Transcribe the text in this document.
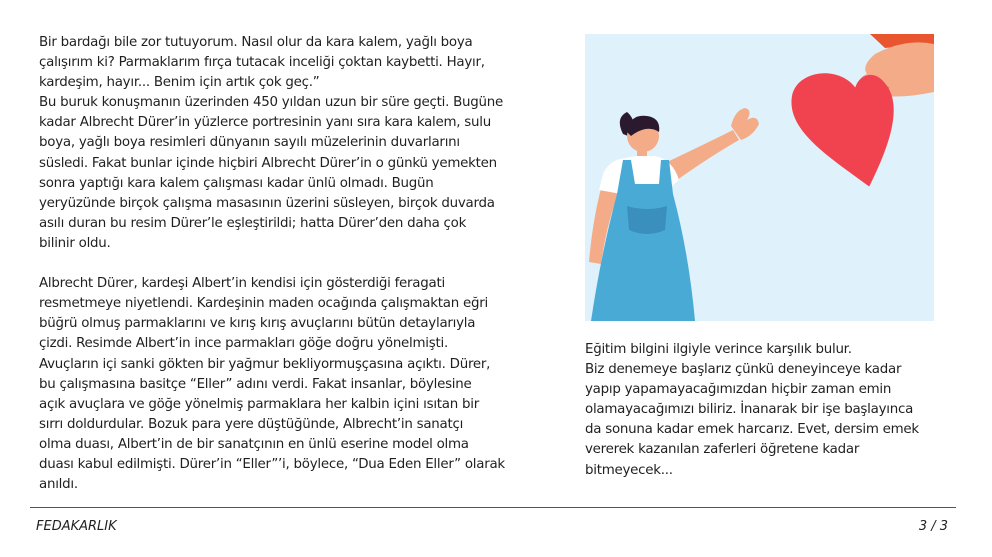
Bir bardağı bile zor tutuyorum. Nasıl olur da kara kalem, yağlı boya
çalışırım ki? Parmaklarım fırça tutacak inceliği çoktan kaybetti. Hayır,
kardeşim, hayır... Benim için artık çok geç.”
Bu buruk konuşmanın üzerinden 450 yıldan uzun bir süre geçti. Bugüne
kadar Albrecht Dürer’in yüzlerce portresinin yanı sıra kara kalem, sulu
boya, yağlı boya resimleri dünyanın sayılı müzelerinin duvarlarını
süsledi. Fakat bunlar içinde hiçbiri Albrecht Dürer’in o günkü yemekten
sonra yaptığı kara kalem çalışması kadar ünlü olmadı. Bugün
yeryüzünde birçok çalışma masasının üzerini süsleyen, birçok duvarda
asılı duran bu resim Dürer’le eşleştirildi; hatta Dürer’den daha çok
bilinir oldu.

Albrecht Dürer, kardeşi Albert’in kendisi için gösterdiği feragati
resmetmeye niyetlendi. Kardeşinin maden ocağında çalışmaktan eğri
büğrü olmuş parmaklarını ve kırış kırış avuçlarını bütün detaylarıyla
çizdi. Resimde Albert’in ince parmakları göğe doğru yönelmişti.
Avuçların içi sanki gökten bir yağmur bekliyormuşçasına açıktı. Dürer,
bu çalışmasına basitçe “Eller” adını verdi. Fakat insanlar, böylesine
açık avuçlara ve göğe yönelmiş parmaklara her kalbin içini ısıtan bir
sırrı doldurdular. Bozuk para yere düştüğünde, Albrecht’in sanatçı
olma duası, Albert’in de bir sanatçının en ünlü eserine model olma
duası kabul edilmişti. Dürer’in “Eller”’i, böylece, “Dua Eden Eller” olarak
anıldı.

Eğitim bilgini ilgiyle verince karşılık bulur.
Biz denemeye başlarız çünkü deneyinceye kadar
yapıp yapamayacağımızdan hiçbir zaman emin
olamayacağımızı biliriz. İnanarak bir işe başlayınca
da sonuna kadar emek harcarız. Evet, dersim emek
vererek kazanılan zaferleri öğretene kadar
bitmeyecek...

FEDAKARLIK	3 / 3
